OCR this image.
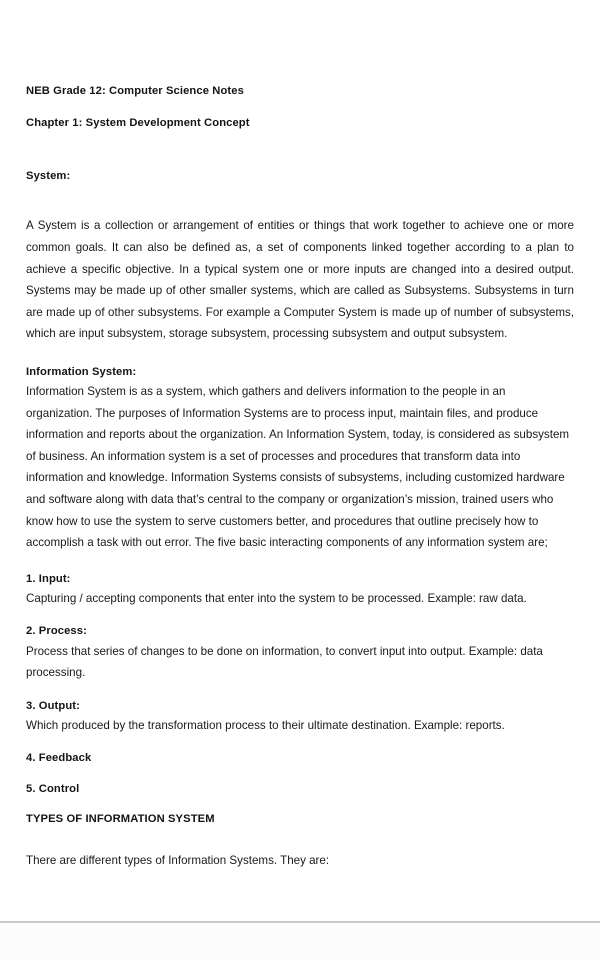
NEB Grade 12: Computer Science Notes

Chapter 1: System Development Concept

System:

A System is a collection or arrangement of entities or things that work together to achieve one or more common goals. It can also be defined as, a set of components linked together according to a plan to achieve a specific objective. In a typical system one or more inputs are changed into a desired output. Systems may be made up of other smaller systems, which are called as Subsystems. Subsystems in turn are made up of other subsystems. For example a Computer System is made up of number of subsystems, which are input subsystem, storage subsystem, processing subsystem and output subsystem.

Information System:

Information System is as a system, which gathers and delivers information to the people in an organization. The purposes of Information Systems are to process input, maintain files, and produce information and reports about the organization. An Information System, today, is considered as subsystem of business. An information system is a set of processes and procedures that transform data into information and knowledge. Information Systems consists of subsystems, including customized hardware and software along with data that’s central to the company or organization’s mission, trained users who know how to use the system to serve customers better, and procedures that outline precisely how to accomplish a task with out error. The five basic interacting components of any information system are;

1. Input:

Capturing / accepting components that enter into the system to be processed. Example: raw data.

2. Process:

Process that series of changes to be done on information, to convert input into output. Example: data processing.

3. Output:

Which produced by the transformation process to their ultimate destination. Example: reports.

4. Feedback

5. Control

TYPES OF INFORMATION SYSTEM

There are different types of Information Systems. They are:
